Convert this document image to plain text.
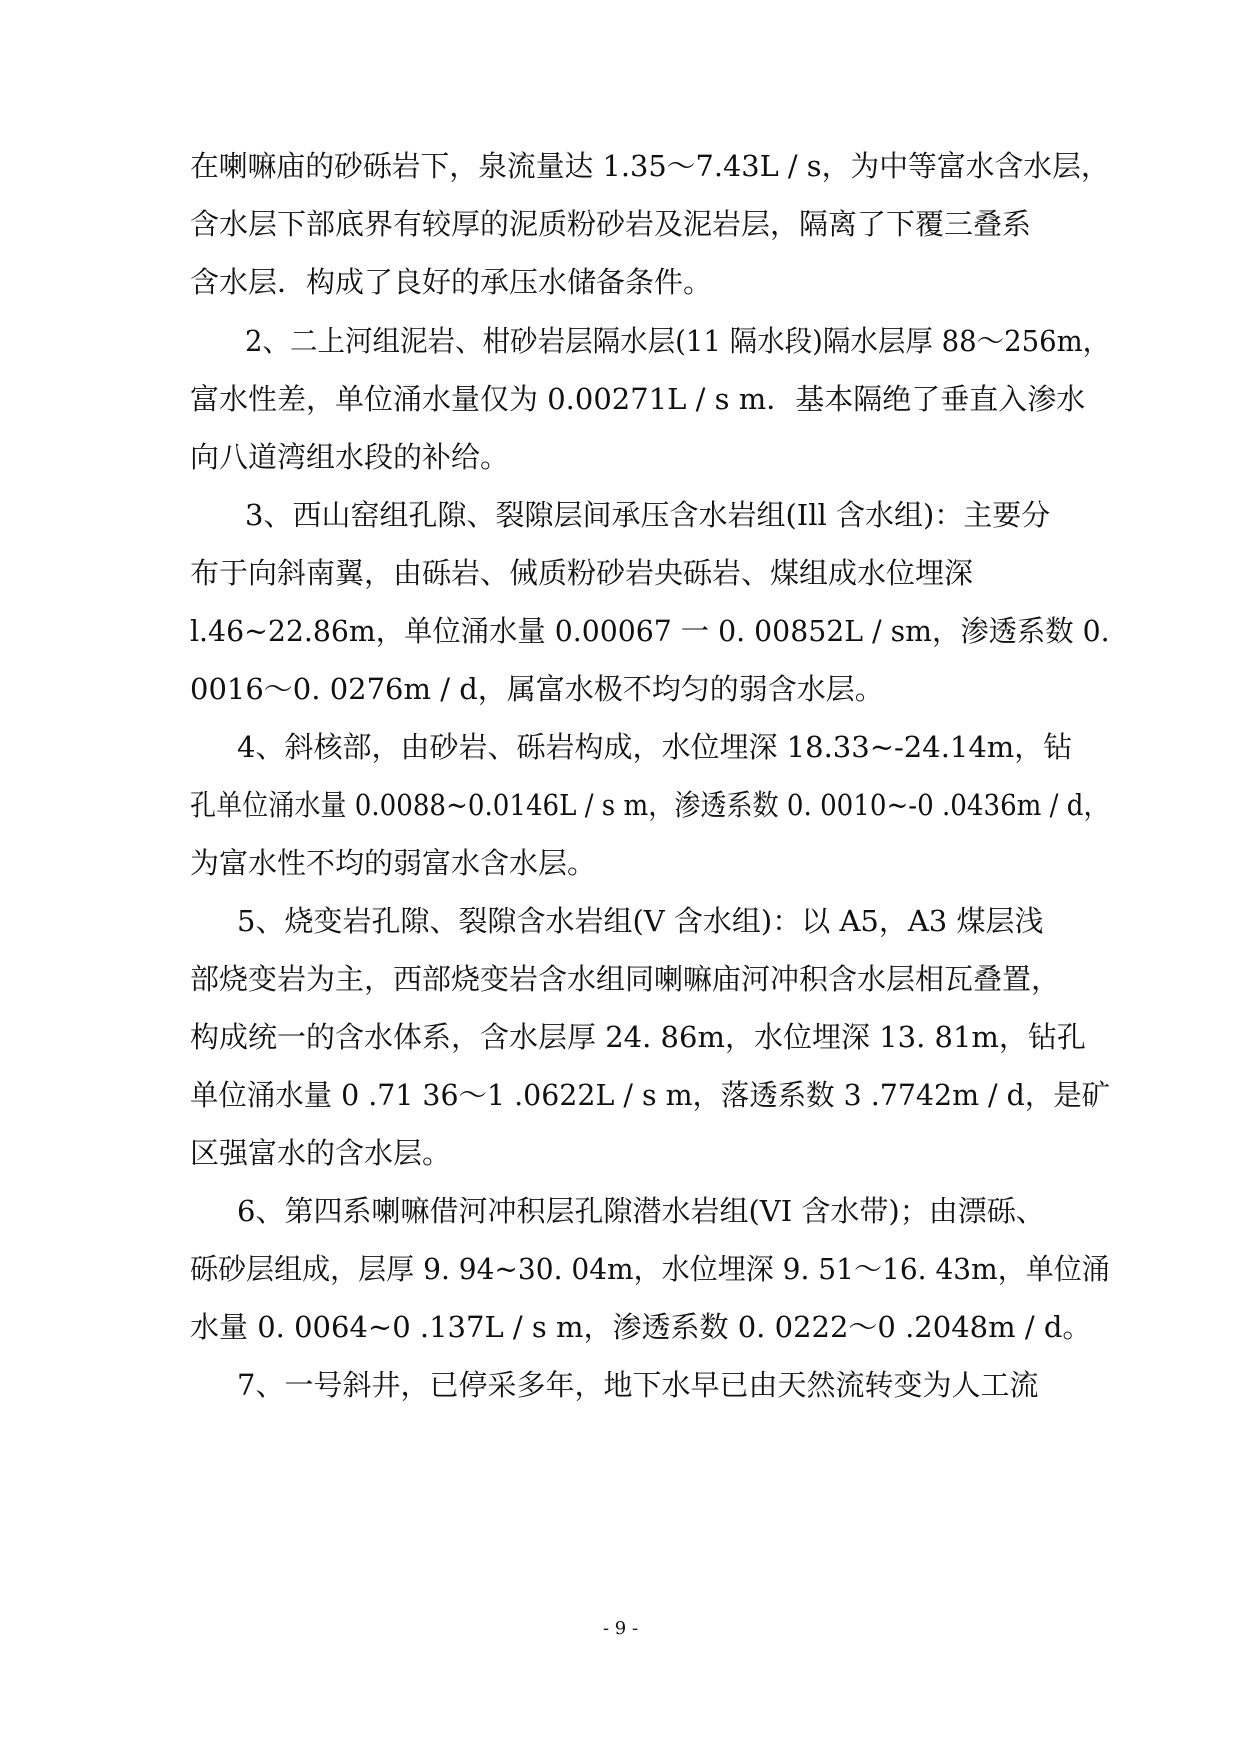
在喇嘛庙的砂砾岩下，泉流量达 1.35～7.43L / s，为中等富水含水层，
含水层下部底界有较厚的泥质粉砂岩及泥岩层，隔离了下覆三叠系
含水层．构成了良好的承压水储备条件。
2、二上河组泥岩、柑砂岩层隔水层(11 隔水段)隔水层厚 88～256m，
富水性差，单位涌水量仅为 0.00271L / s m．基本隔绝了垂直入渗水
向八道湾组水段的补给。
3、西山窑组孔隙、裂隙层间承压含水岩组(Ill 含水组)：主要分
布于向斜南翼，由砾岩、㑘质粉砂岩央砾岩、煤组成水位埋深
l.46~22.86m，单位涌水量 0.00067 一 0. 00852L / sm，渗透系数 0.
0016～0. 0276m / d，属富水极不均匀的弱含水层。
4、斜核部，由砂岩、砾岩构成，水位埋深 18.33~-24.14m，钻
孔单位涌水量 0.0088~0.0146L / s m，渗透系数 0. 0010~-0 .0436m / d，
为富水性不均的弱富水含水层。
5、烧变岩孔隙、裂隙含水岩组(V 含水组)：以 A5，A3 煤层浅
部烧变岩为主，西部烧变岩含水组同喇嘛庙河冲积含水层相瓦叠置，
构成统一的含水体系，含水层厚 24. 86m，水位埋深 13. 81m，钻孔
单位涌水量 0 .71 36～1 .0622L / s m，落透系数 3 .7742m / d，是矿
区强富水的含水层。
6、第四系喇嘛借河冲积层孔隙潜水岩组(VI 含水带)；由漂砾、
砾砂层组成，层厚 9. 94~30. 04m，水位埋深 9. 51～16. 43m，单位涌
水量 0. 0064~0 .137L / s m，渗透系数 0. 0222～0 .2048m / d。
7、一号斜井，已停采多年，地下水早已由天然流转变为人工流
- 9 -
